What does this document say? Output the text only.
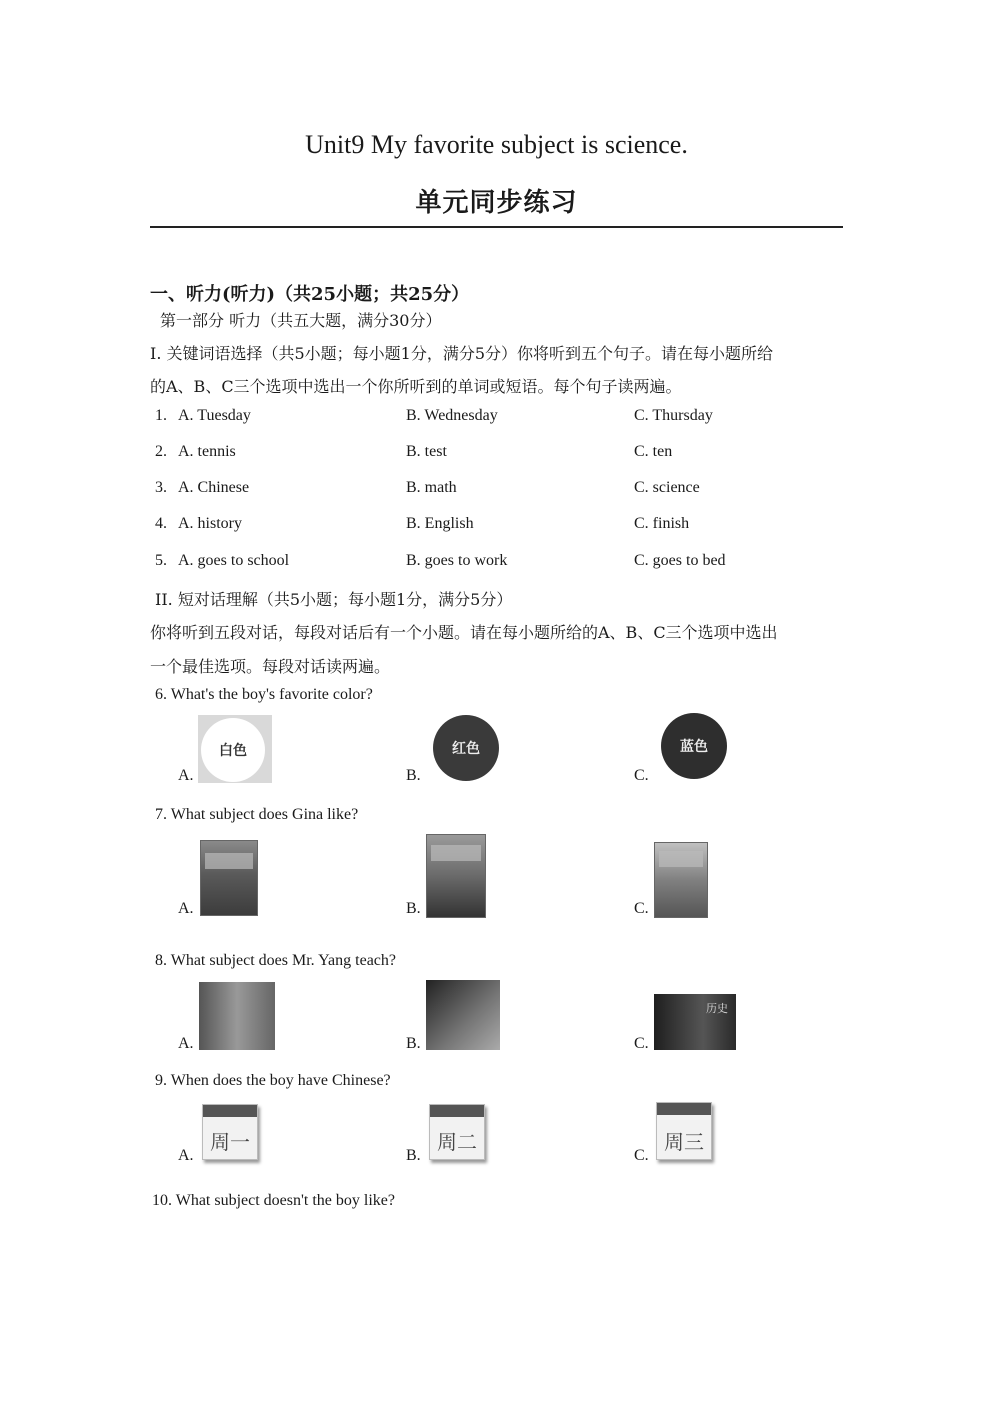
Unit9 My favorite subject is science.
单元同步练习
一、听力(听力)（共25小题；共25分）
第一部分 听力（共五大题，满分30分）
I. 关键词语选择（共5小题；每小题1分，满分5分）你将听到五个句子。请在每小题所给
的A、B、C三个选项中选出一个你所听到的单词或短语。每个句子读两遍。
1. A. Tuesday	B. Wednesday	C. Thursday
2. A. tennis	B. test	C. ten
3. A. Chinese	B. math	C. science
4. A. history	B. English	C. finish
5. A. goes to school	B. goes to work	C. goes to bed
II. 短对话理解（共5小题；每小题1分，满分5分）
你将听到五段对话，每段对话后有一个小题。请在每小题所给的A、B、C三个选项中选出
一个最佳选项。每段对话读两遍。
6. What's the boy's favorite color?
A.
白色
B.
红色
C.
蓝色
7. What subject does Gina like?
A.	B.	C.
8. What subject does Mr. Yang teach?
A.	B.	C.
历史
9. When does the boy have Chinese?
A.
周一
B.
周二
C.
周三
10. What subject doesn't the boy like?
